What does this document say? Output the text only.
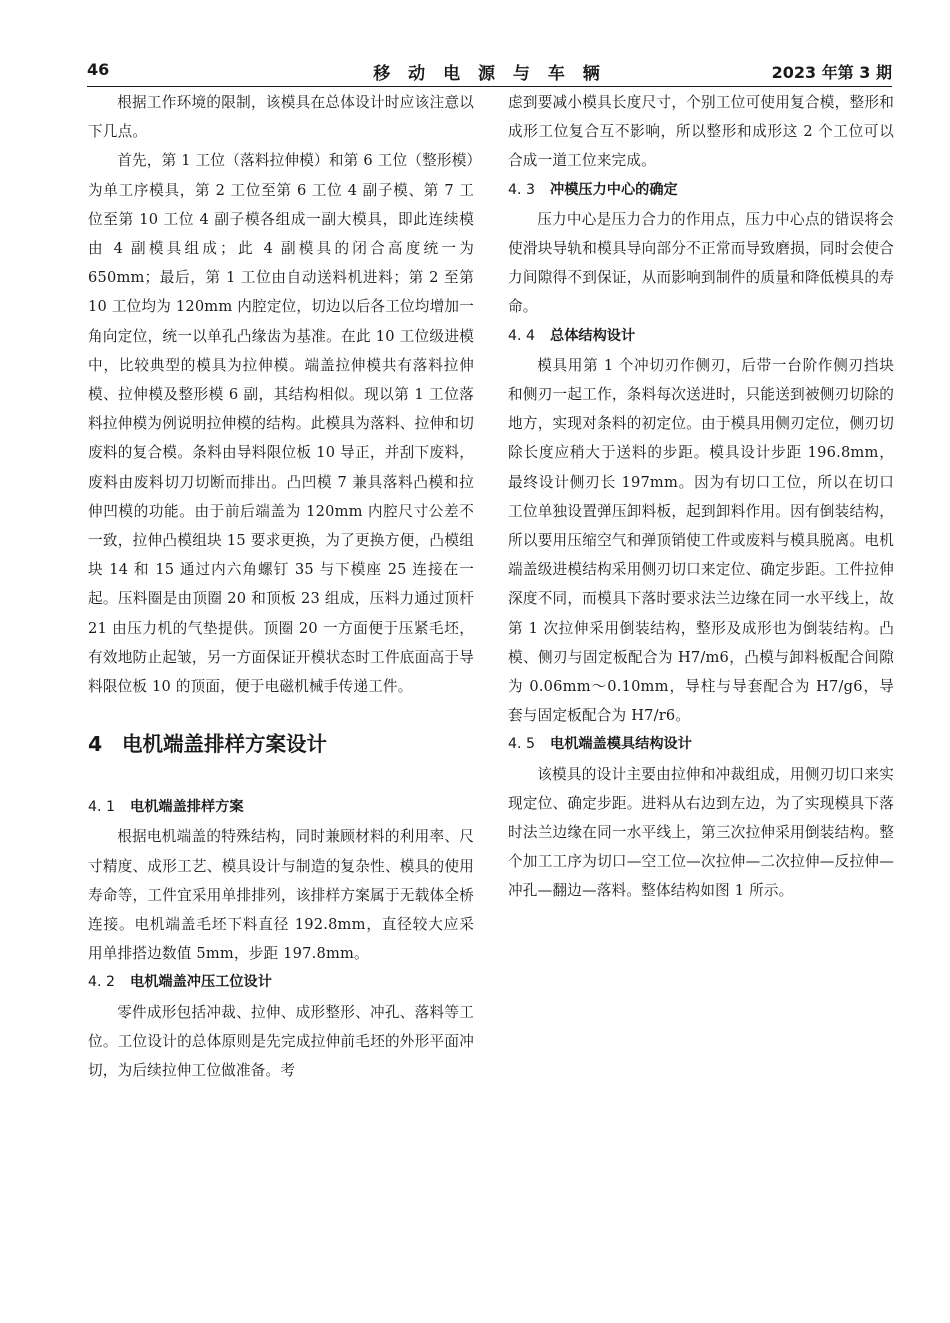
46	移 动 电 源 与 车 辆	2023 年第 3 期

根据工作环境的限制，该模具在总体设计时应该注意以下几点。

首先，第 1 工位（落料拉伸模）和第 6 工位（整形模）为单工序模具，第 2 工位至第 6 工位 4 副子模、第 7 工位至第 10 工位 4 副子模各组成一副大模具，即此连续模由 4 副模具组成；此 4 副模具的闭合高度统一为 650mm；最后，第 1 工位由自动送料机进料；第 2 至第 10 工位均为 120mm 内腔定位，切边以后各工位均增加一角向定位，统一以单孔凸缘齿为基准。在此 10 工位级进模中，比较典型的模具为拉伸模。端盖拉伸模共有落料拉伸模、拉伸模及整形模 6 副，其结构相似。现以第 1 工位落料拉伸模为例说明拉伸模的结构。此模具为落料、拉伸和切废料的复合模。条料由导料限位板 10 导正，并刮下废料，废料由废料切刀切断而排出。凸凹模 7 兼具落料凸模和拉伸凹模的功能。由于前后端盖为 120mm 内腔尺寸公差不一致，拉伸凸模组块 15 要求更换，为了更换方便，凸模组块 14 和 15 通过内六角螺钉 35 与下模座 25 连接在一起。压料圈是由顶圈 20 和顶板 23 组成，压料力通过顶杆 21 由压力机的气垫提供。顶圈 20 一方面便于压紧毛坯，有效地防止起皱，另一方面保证开模状态时工件底面高于导料限位板 10 的顶面，便于电磁机械手传递工件。

4 电机端盖排样方案设计
4. 1 电机端盖排样方案

根据电机端盖的特殊结构，同时兼顾材料的利用率、尺寸精度、成形工艺、模具设计与制造的复杂性、模具的使用寿命等，工件宜采用单排排列，该排样方案属于无载体全桥连接。电机端盖毛坯下料直径 192.8mm，直径较大应采用单排搭边数值 5mm，步距 197.8mm。

4. 2 电机端盖冲压工位设计

零件成形包括冲裁、拉伸、成形整形、冲孔、落料等工位。工位设计的总体原则是先完成拉伸前毛坯的外形平面冲切，为后续拉伸工位做准备。考

虑到要减小模具长度尺寸，个别工位可使用复合模，整形和成形工位复合互不影响，所以整形和成形这 2 个工位可以合成一道工位来完成。

4. 3 冲模压力中心的确定

压力中心是压力合力的作用点，压力中心点的错误将会使滑块导轨和模具导向部分不正常而导致磨损，同时会使合力间隙得不到保证，从而影响到制件的质量和降低模具的寿命。

4. 4 总体结构设计

模具用第 1 个冲切刃作侧刃，后带一台阶作侧刃挡块和侧刃一起工作，条料每次送进时，只能送到被侧刃切除的地方，实现对条料的初定位。由于模具用侧刃定位，侧刃切除长度应稍大于送料的步距。模具设计步距 196.8mm，最终设计侧刃长 197mm。因为有切口工位，所以在切口工位单独设置弹压卸料板，起到卸料作用。因有倒装结构，所以要用压缩空气和弹顶销使工件或废料与模具脱离。电机端盖级进模结构采用侧刃切口来定位、确定步距。工件拉伸深度不同，而模具下落时要求法兰边缘在同一水平线上，故第 1 次拉伸采用倒装结构，整形及成形也为倒装结构。凸模、侧刃与固定板配合为 H7/m6，凸模与卸料板配合间隙为 0.06mm～0.10mm，导柱与导套配合为 H7/g6，导套与固定板配合为 H7/r6。

4. 5 电机端盖模具结构设计

该模具的设计主要由拉伸和冲裁组成，用侧刃切口来实现定位、确定步距。进料从右边到左边，为了实现模具下落时法兰边缘在同一水平线上，第三次拉伸采用倒装结构。整个加工工序为切口—空工位—次拉伸—二次拉伸—反拉伸—冲孔—翻边—落料。整体结构如图 1 所示。
